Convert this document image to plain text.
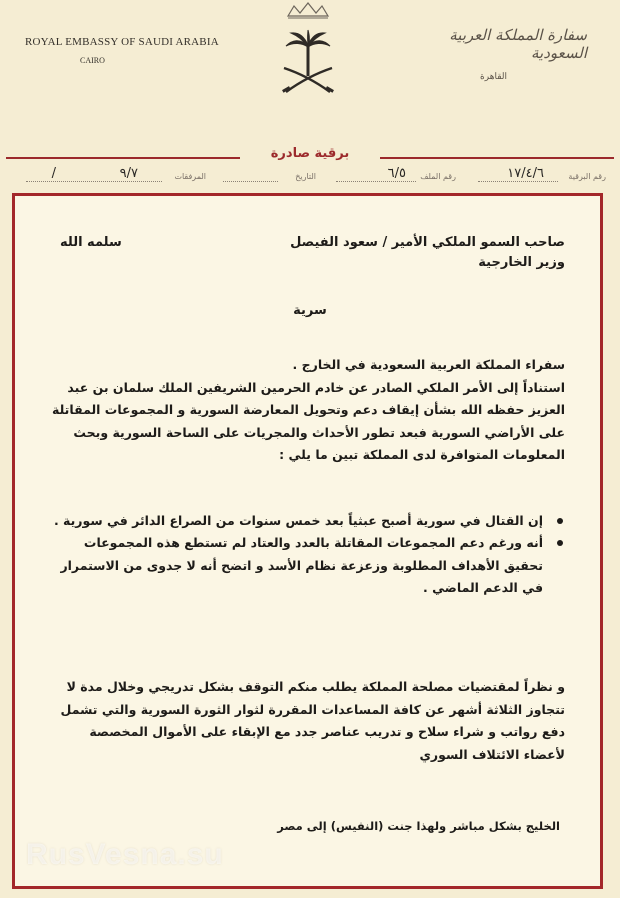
ROYAL EMBASSY OF SAUDI ARABIA
CAIRO
سفارة المملكة العربية السعودية
القاهرة
برقية صادرة
رقم البرقية
١٧/٤/٦
رقم الملف
٦/٥
التاريخ
المرفقات
٩/٧
/
صاحب السمو الملكي الأمير / سعود الفيصل
سلمه الله
وزير الخارجية
سرية
سفراء المملكة العربية السعودية في الخارج .
استناداً إلى الأمر الملكي الصادر عن خادم الحرمين الشريفين الملك سلمان بن عبد العزيز حفظه الله بشأن إيقاف دعم وتحويل المعارضة السورية و المجموعات المقاتلة على الأراضي السورية فبعد تطور الأحداث والمجريات على الساحة السورية وبحث المعلومات المتوافرة لدى المملكة تبين ما يلي :
إن القتال في سورية أصبح عبثياً بعد خمس سنوات من الصراع الدائر في سورية .
أنه ورغم دعم المجموعات المقاتلة بالعدد والعتاد لم تستطع هذه المجموعات تحقيق الأهداف المطلوبة وزعزعة نظام الأسد و اتضح أنه لا جدوى من الاستمرار في الدعم الماضي .
و نظراً لمقتضيات مصلحة المملكة يطلب منكم التوقف بشكل تدريجي وخلال مدة لا تتجاوز الثلاثة أشهر عن كافة المساعدات المقررة لثوار الثورة السورية والتي تشمل دفع رواتب و شراء سلاح و تدريب عناصر جدد مع الإبقاء على الأموال المخصصة لأعضاء الائتلاف السوري
الخليج بشكل مباشر ولهذا جنت (النفيس) إلى مصر
RusVesna.su
